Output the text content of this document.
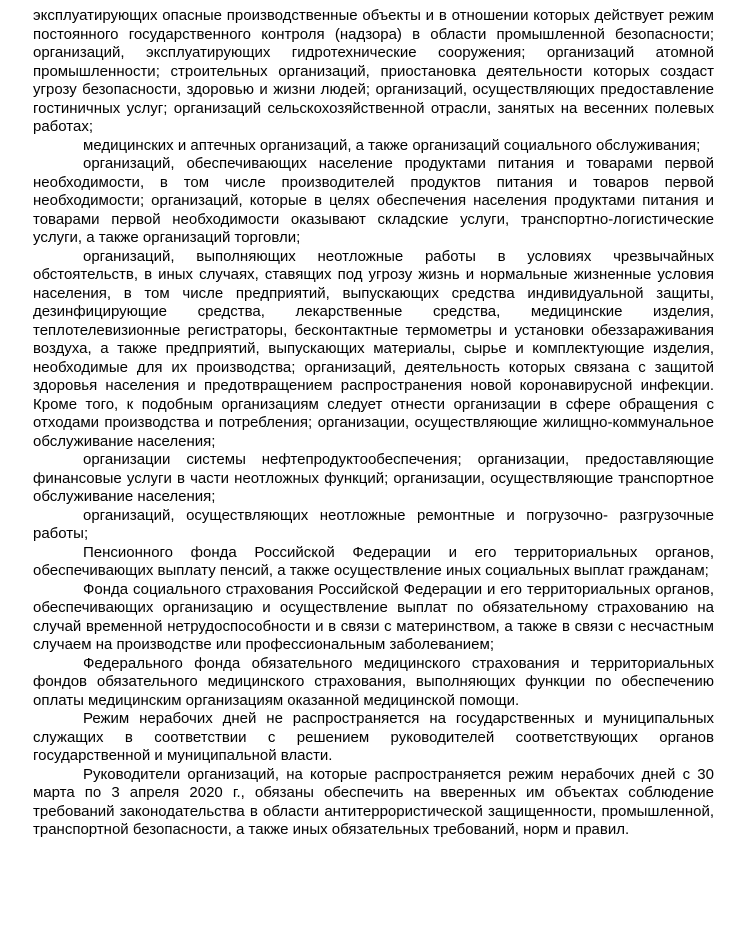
эксплуатирующих опасные производственные объекты и в отношении которых действует режим постоянного государственного контроля (надзора) в области промышленной безопасности; организаций, эксплуатирующих гидротехнические сооружения; организаций атомной промышленности; строительных организаций, приостановка деятельности которых создаст угрозу безопасности, здоровью и жизни людей; организаций, осуществляющих предоставление гостиничных услуг; организаций сельскохозяйственной отрасли, занятых на весенних полевых работах;

медицинских и аптечных организаций, а также организаций социального обслуживания;

организаций, обеспечивающих население продуктами питания и товарами первой необходимости, в том числе производителей продуктов питания и товаров первой необходимости; организаций, которые в целях обеспечения населения продуктами питания и товарами первой необходимости оказывают складские услуги, транспортно-логистические услуги, а также организаций торговли;

организаций, выполняющих неотложные работы в условиях чрезвычайных обстоятельств, в иных случаях, ставящих под угрозу жизнь и нормальные жизненные условия населения, в том числе предприятий, выпускающих средства индивидуальной защиты, дезинфицирующие средства, лекарственные средства, медицинские изделия, теплотелевизионные регистраторы, бесконтактные термометры и установки обеззараживания воздуха, а также предприятий, выпускающих материалы, сырье и комплектующие изделия, необходимые для их производства; организаций, деятельность которых связана с защитой здоровья населения и предотвращением распространения новой коронавирусной инфекции. Кроме того, к подобным организациям следует отнести организации в сфере обращения с отходами производства и потребления; организации, осуществляющие жилищно-коммунальное обслуживание населения;

организации системы нефтепродуктообеспечения; организации, предоставляющие финансовые услуги в части неотложных функций; организации, осуществляющие транспортное обслуживание населения;

организаций, осуществляющих неотложные ремонтные и погрузочно- разгрузочные работы;

Пенсионного фонда Российской Федерации и его территориальных органов, обеспечивающих выплату пенсий, а также осуществление иных социальных выплат гражданам;

Фонда социального страхования Российской Федерации и его территориальных органов, обеспечивающих организацию и осуществление выплат по обязательному страхованию на случай временной нетрудоспособности и в связи с материнством, а также в связи с несчастным случаем на производстве или профессиональным заболеванием;

Федерального фонда обязательного медицинского страхования и территориальных фондов обязательного медицинского страхования, выполняющих функции по обеспечению оплаты медицинским организациям оказанной медицинской помощи.

Режим нерабочих дней не распространяется на государственных и муниципальных служащих в соответствии с решением руководителей соответствующих органов государственной и муниципальной власти.

Руководители организаций, на которые распространяется режим нерабочих дней с 30 марта по 3 апреля 2020 г., обязаны обеспечить на вверенных им объектах соблюдение требований законодательства в области антитеррористической защищенности, промышленной, транспортной безопасности, а также иных обязательных требований, норм и правил.
